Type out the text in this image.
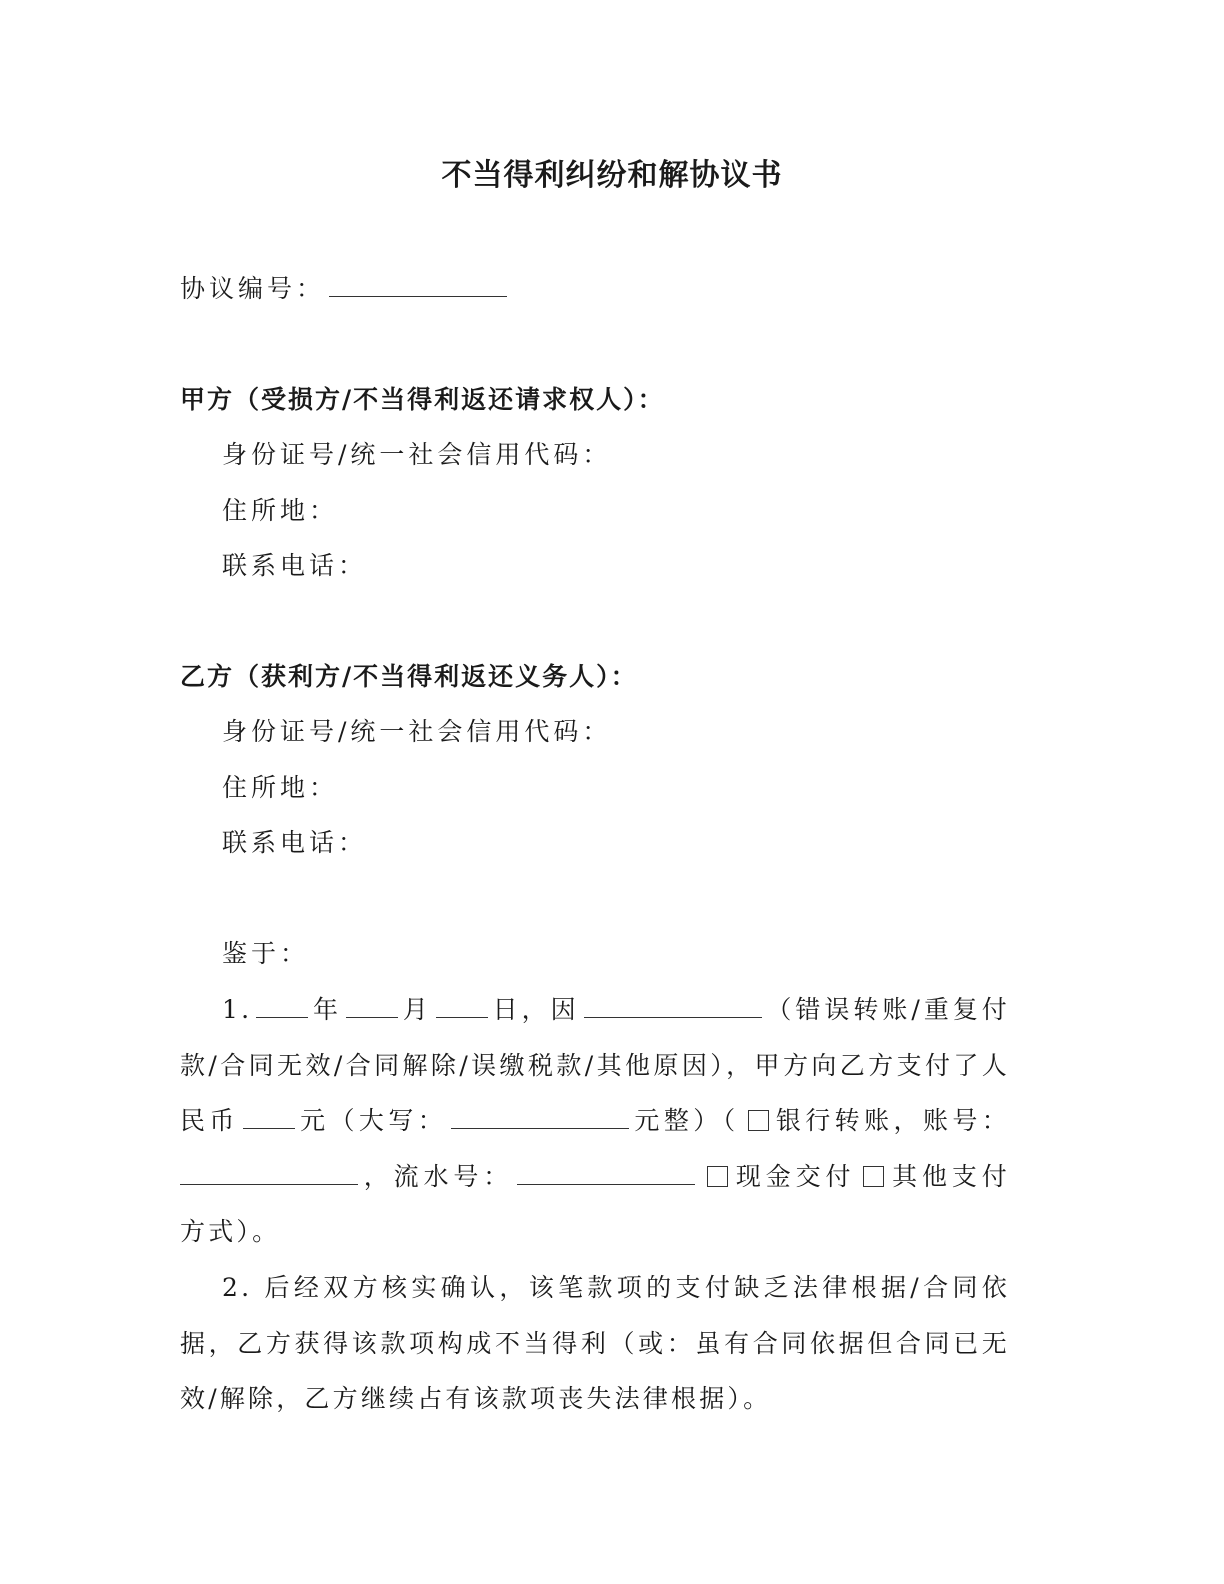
不当得利纠纷和解协议书
协议编号：
甲方（受损方/不当得利返还请求权人）：
身份证号/统一社会信用代码：
住所地：
联系电话：
乙方（获利方/不当得利返还义务人）：
身份证号/统一社会信用代码：
住所地：
联系电话：
鉴于：
1. 年 月 日，因	（错误转账/重复付款/合同无效/合同解除/误缴税款/其他原因），甲方向乙方支付了人民币 元（大写：	元整）（ 银行转账，账号：，流水号：	现金交付 其他支付方式）。
2. 后经双方核实确认，该笔款项的支付缺乏法律根据/合同依据，乙方获得该款项构成不当得利（或：虽有合同依据但合同已无效/解除，乙方继续占有该款项丧失法律根据）。
